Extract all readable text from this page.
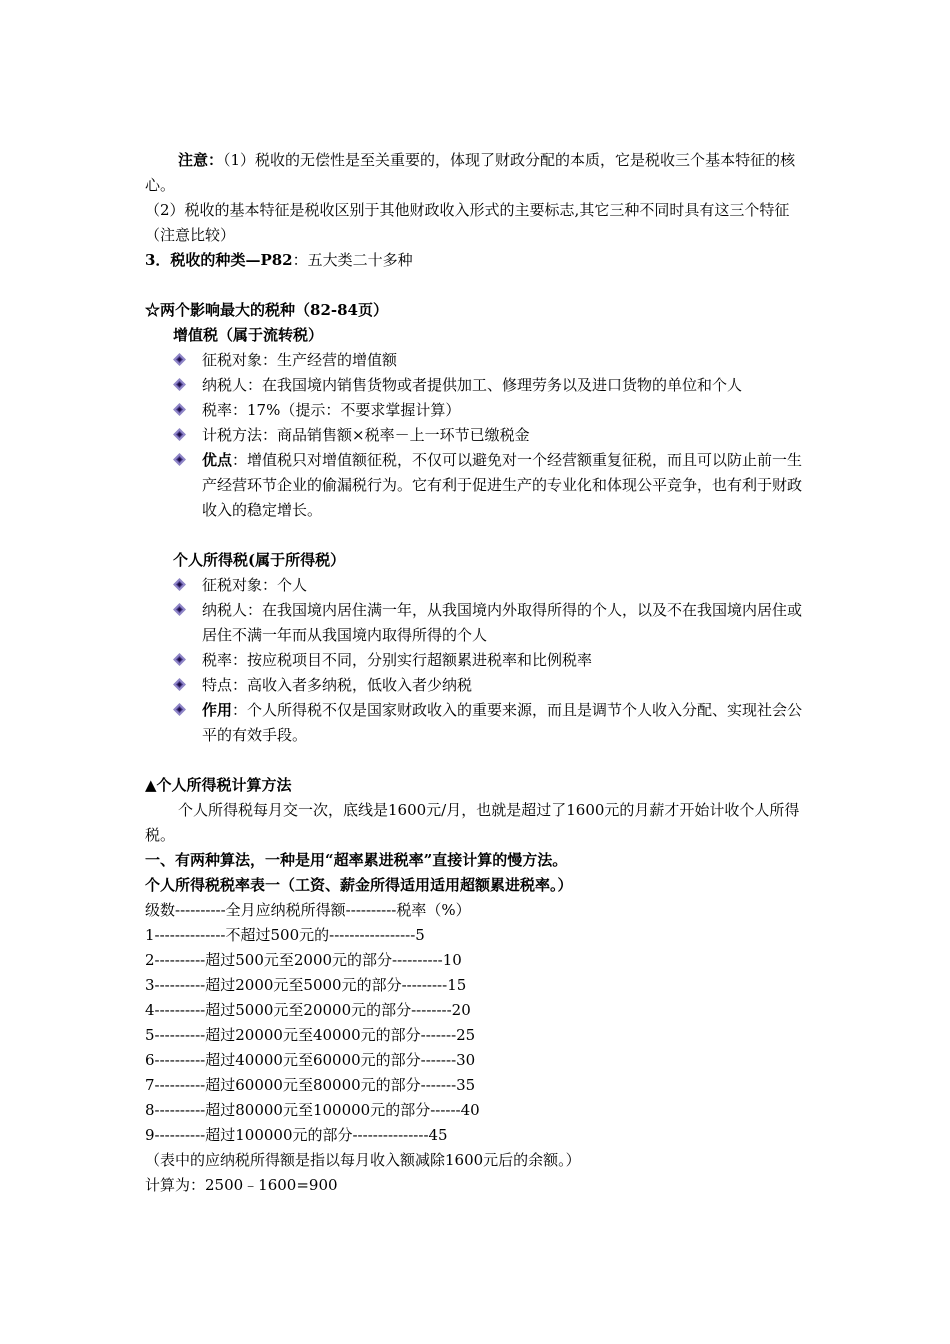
注意：（1）税收的无偿性是至关重要的，体现了财政分配的本质，它是税收三个基本特征的核心。

（2）税收的基本特征是税收区别于其他财政收入形式的主要标志,其它三种不同时具有这三个特征（注意比较）

3．税收的种类—P82：五大类二十多种

☆两个影响最大的税种（82-84页）

增值税（属于流转税）

征税对象：生产经营的增值额
纳税人：在我国境内销售货物或者提供加工、修理劳务以及进口货物的单位和个人
税率：17%（提示：不要求掌握计算）
计税方法：商品销售额×税率－上一环节已缴税金
优点：增值税只对增值额征税，不仅可以避免对一个经营额重复征税，而且可以防止前一生产经营环节企业的偷漏税行为。它有利于促进生产的专业化和体现公平竞争，也有利于财政收入的稳定增长。

个人所得税(属于所得税）

征税对象：个人
纳税人：在我国境内居住满一年，从我国境内外取得所得的个人，以及不在我国境内居住或居住不满一年而从我国境内取得所得的个人
税率：按应税项目不同，分别实行超额累进税率和比例税率
特点：高收入者多纳税，低收入者少纳税
作用：个人所得税不仅是国家财政收入的重要来源，而且是调节个人收入分配、实现社会公平的有效手段。

▲个人所得税计算方法

个人所得税每月交一次，底线是1600元/月，也就是超过了1600元的月薪才开始计收个人所得税。

一、有两种算法，一种是用“超率累进税率”直接计算的慢方法。

个人所得税税率表一（工资、薪金所得适用适用超额累进税率。）

级数----------全月应纳税所得额----------税率（%）

1--------------不超过500元的-----------------5

2----------超过500元至2000元的部分----------10

3----------超过2000元至5000元的部分---------15

4----------超过5000元至20000元的部分--------20

5----------超过20000元至40000元的部分-------25

6----------超过40000元至60000元的部分-------30

7----------超过60000元至80000元的部分-------35

8----------超过80000元至100000元的部分------40

9----------超过100000元的部分---------------45

（表中的应纳税所得额是指以每月收入额减除1600元后的余额。）

计算为：2500﹣1600=900
